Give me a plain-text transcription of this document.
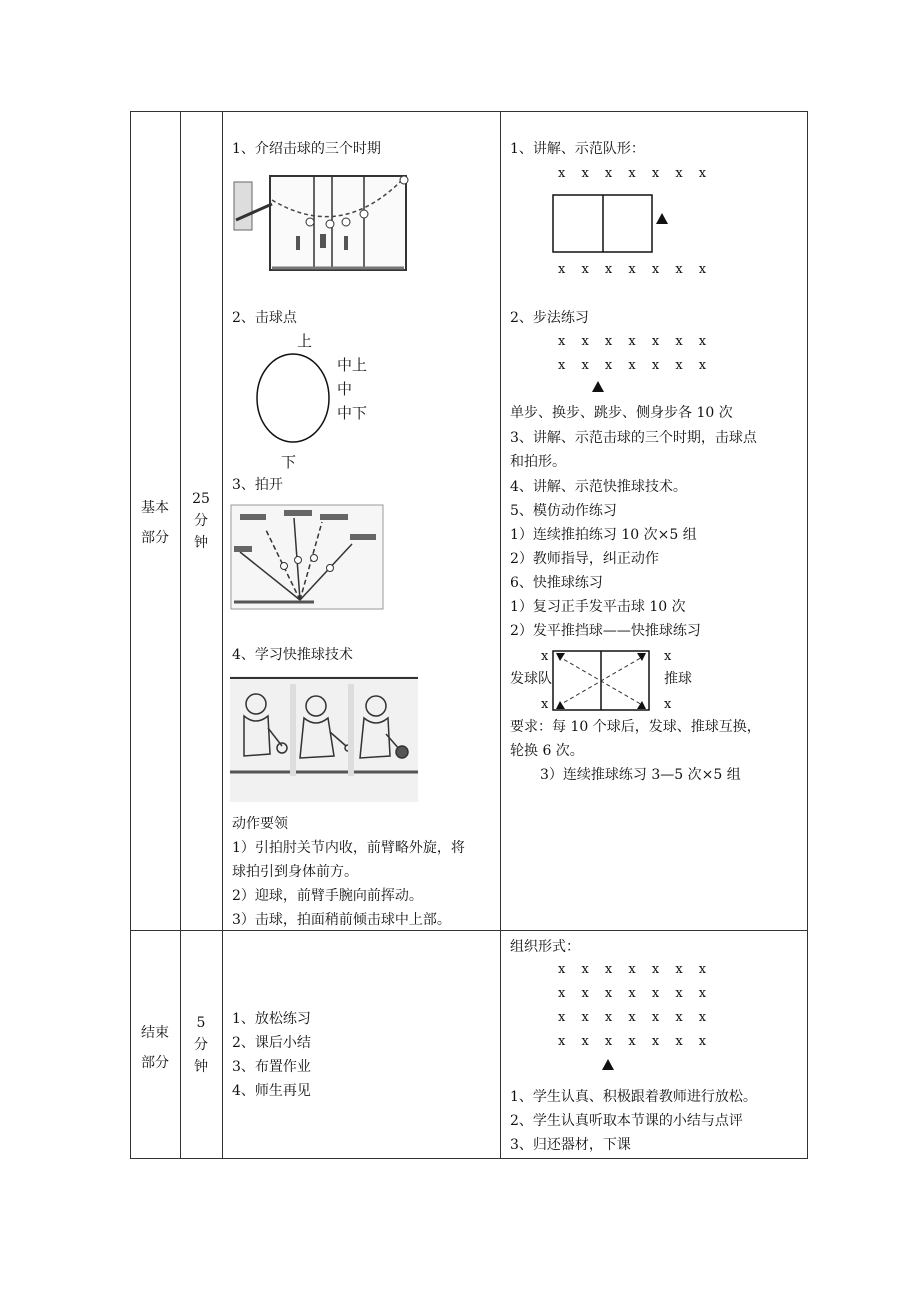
基本
部分
25
分
钟
1、介绍击球的三个时期
2、击球点
上
中上
中
中下
下
3、拍开
4、学习快推球技术
动作要领
1）引拍肘关节内收，前臂略外旋，将
球拍引到身体前方。
2）迎球，前臂手腕向前挥动。
3）击球，拍面稍前倾击球中上部。
1、讲解、示范队形：
x x x x x x x
x x x x x x x
2、步法练习
x x x x x x x
x x x x x x x
单步、换步、跳步、侧身步各 10 次
3、讲解、示范击球的三个时期，击球点
和拍形。
4、讲解、示范快推球技术。
5、模仿动作练习
1）连续推拍练习 10 次×5 组
2）教师指导，纠正动作
6、快推球练习
1）复习正手发平击球 10 次
2）发平推挡球——快推球练习
x
x
x
x
发球队	推球
要求：每 10 个球后，发球、推球互换，
轮换 6 次。
3）连续推球练习 3—5 次×5 组
结束
部分
5
分
钟
1、放松练习
2、课后小结
3、布置作业
4、师生再见
组织形式：
x x x x x x x
x x x x x x x
x x x x x x x
x x x x x x x
1、学生认真、积极跟着教师进行放松。
2、学生认真听取本节课的小结与点评
3、归还器材，下课
